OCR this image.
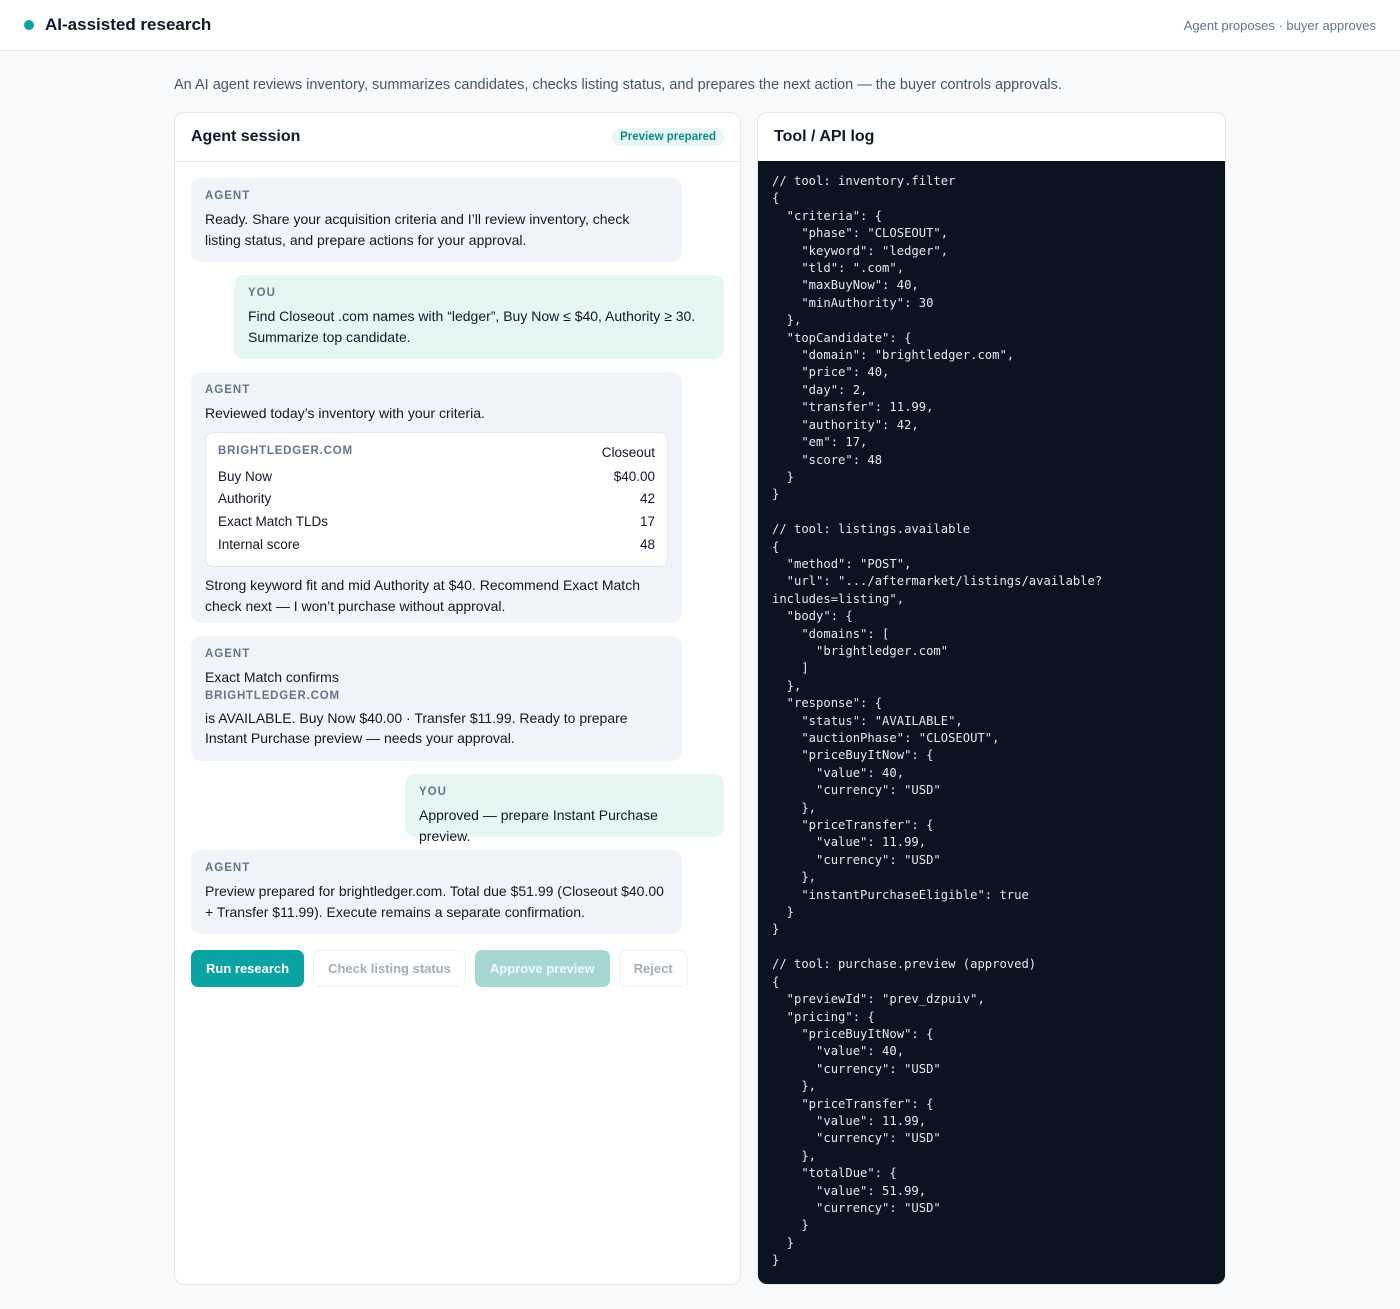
AI-assisted research	Agent proposes · buyer approves

An AI agent reviews inventory, summarizes candidates, checks listing status, and prepares the next action — the buyer controls approvals.

Agent session	Preview prepared
AGENT
Ready. Share your acquisition criteria and I’ll review inventory, check listing status, and prepare actions for your approval.
YOU
Find Closeout .com names with “ledger”, Buy Now ≤ $40, Authority ≥ 30. Summarize top candidate.
AGENT
Reviewed today’s inventory with your criteria.
BRIGHTLEDGER.COM	Closeout
Buy Now	$40.00
Authority	42
Exact Match TLDs	17
Internal score	48
Strong keyword fit and mid Authority at $40. Recommend Exact Match check next — I won’t purchase without approval.
AGENT
Exact Match confirms
BRIGHTLEDGER.COM
is AVAILABLE. Buy Now $40.00 · Transfer $11.99. Ready to prepare Instant Purchase preview — needs your approval.
YOU
Approved — prepare Instant Purchase preview.
AGENT
Preview prepared for brightledger.com. Total due $51.99 (Closeout $40.00 + Transfer $11.99). Execute remains a separate confirmation.
Run research	Check listing status	Approve preview	Reject
Tool / API log
// tool: inventory.filter
{
"criteria": {
"phase": "CLOSEOUT",
"keyword": "ledger",
"tld": ".com",
"maxBuyNow": 40,
"minAuthority": 30
},
"topCandidate": {
"domain": "brightledger.com",
"price": 40,
"day": 2,
"transfer": 11.99,
"authority": 42,
"em": 17,
"score": 48
}
}

// tool: listings.available
{
"method": "POST",
"url": ".../aftermarket/listings/available?
includes=listing",
"body": {
"domains": [
"brightledger.com"
]
},
"response": {
"status": "AVAILABLE",
"auctionPhase": "CLOSEOUT",
"priceBuyItNow": {
"value": 40,
"currency": "USD"
},
"priceTransfer": {
"value": 11.99,
"currency": "USD"
},
"instantPurchaseEligible": true
}
}

// tool: purchase.preview (approved)
{
"previewId": "prev_dzpuiv",
"pricing": {
"priceBuyItNow": {
"value": 40,
"currency": "USD"
},
"priceTransfer": {
"value": 11.99,
"currency": "USD"
},
"totalDue": {
"value": 51.99,
"currency": "USD"
}
}
}
